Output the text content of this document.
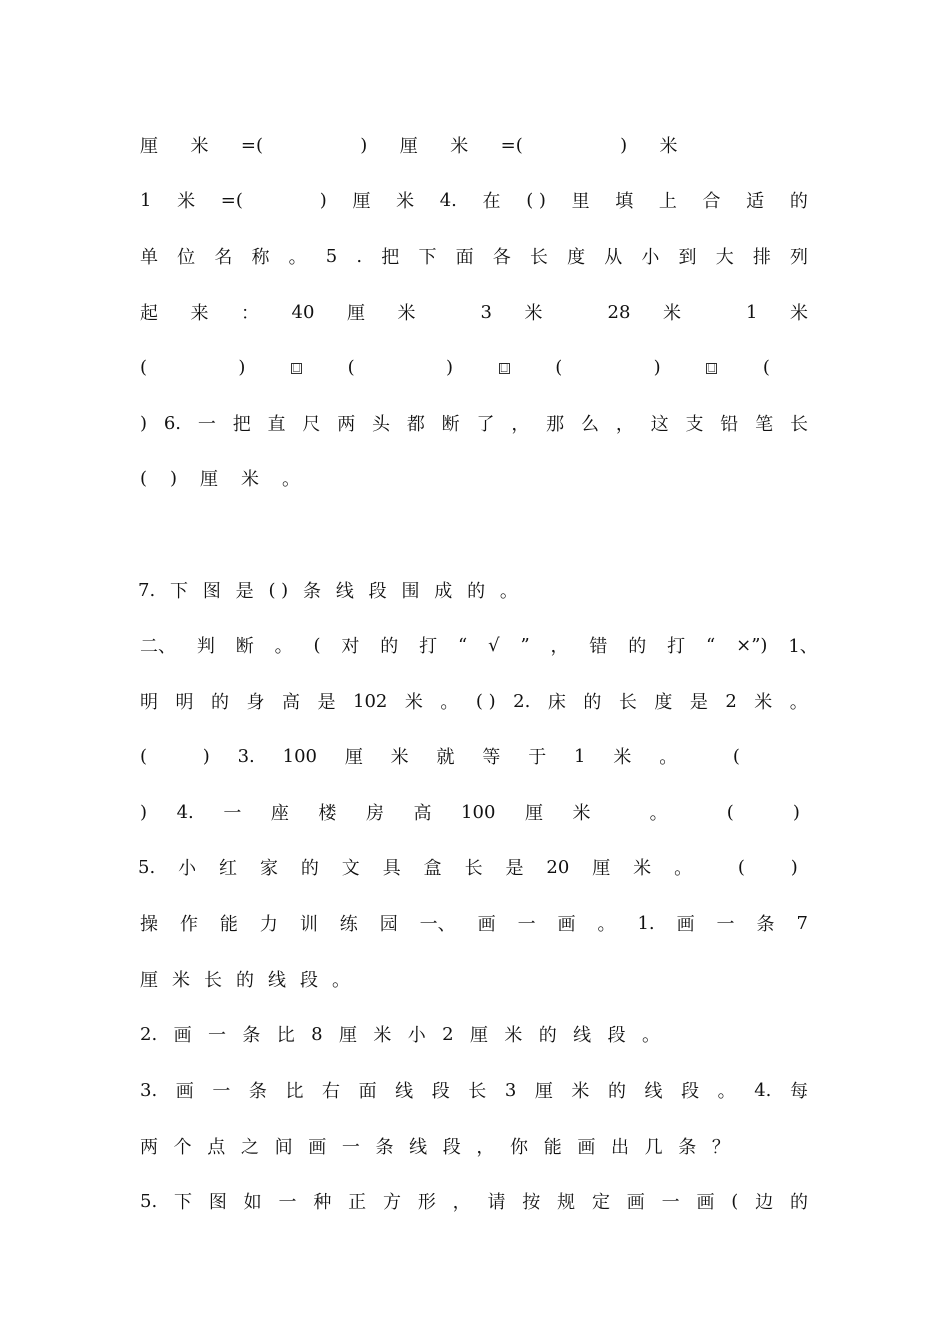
厘 米 =(	) 厘 米 =(	) 米
1 米 =(	) 厘 米 4. 在 ( ) 里 填 上 合 适 的
单 位 名 称 。 5 . 把 下 面 各 长 度 从 小 到 大 排 列
起 来 ： 40 厘 米	3 米	28 米	1 米
(	)	⎕	(	)	⎕	(	)	⎕	(
) 6. 一 把 直 尺 两 头 都 断 了 ， 那 么 ， 这 支 铅 笔 长
( ) 厘 米 。
7. 下 图 是 ( ) 条 线 段 围 成 的 。
二、 判 断 。 ( 对 的 打 “ √ ” ， 错 的 打 “ ×”) 1、
明 明 的 身 高 是 102 米 。 ( ) 2. 床 的 长 度 是 2 米 。
(	) 3. 100 厘 米 就 等 于 1 米 。	(
) 4. 一 座 楼 房 高 100 厘 米	。	(	)
5. 小 红 家 的 文 具 盒 长 是 20 厘 米 。	(	)
操 作 能 力 训 练 园 一、 画 一 画 。 1. 画 一 条 7
厘 米 长 的 线 段 。
2. 画 一 条 比 8 厘 米 小 2 厘 米 的 线 段 。
3. 画 一 条 比 右 面 线 段 长 3 厘 米 的 线 段 。 4. 每
两 个 点 之 间 画 一 条 线 段 ， 你 能 画 出 几 条 ？
5. 下 图 如 一 种 正 方 形 ， 请 按 规 定 画 一 画 ( 边 的
